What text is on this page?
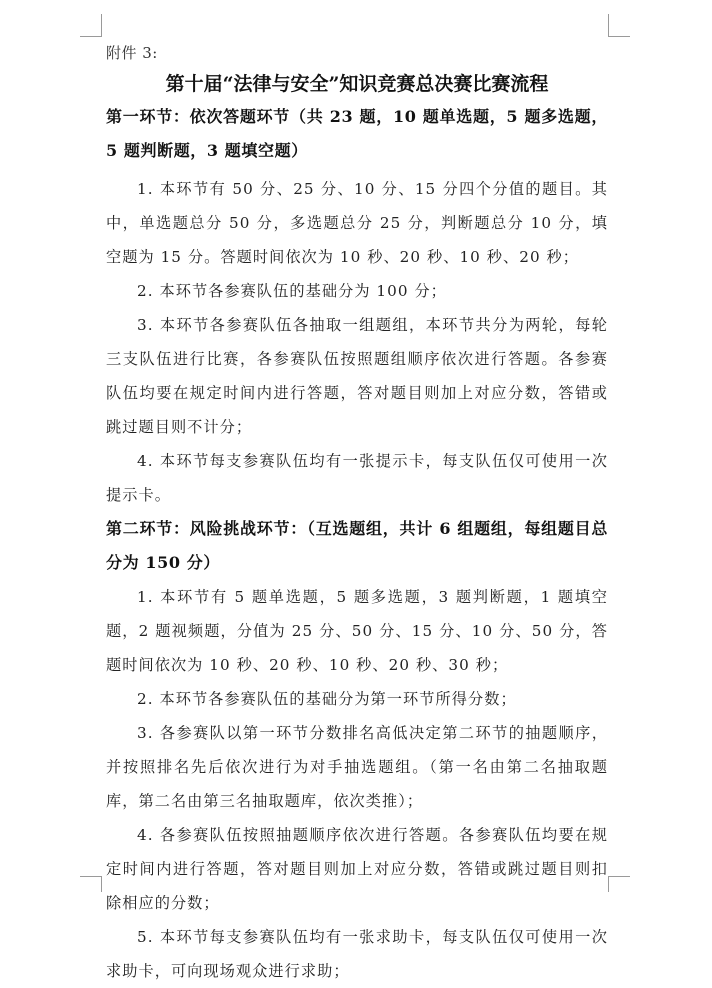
附件 3:
第十届“法律与安全”知识竞赛总决赛比赛流程
第一环节：依次答题环节（共 23 题，10 题单选题，5 题多选题，5 题判断题，3 题填空题）

1. 本环节有 50 分、25 分、10 分、15 分四个分值的题目。其中，单选题总分 50 分，多选题总分 25 分，判断题总分 10 分，填空题为 15 分。答题时间依次为 10 秒、20 秒、10 秒、20 秒；

2. 本环节各参赛队伍的基础分为 100 分；

3. 本环节各参赛队伍各抽取一组题组，本环节共分为两轮，每轮三支队伍进行比赛，各参赛队伍按照题组顺序依次进行答题。各参赛队伍均要在规定时间内进行答题，答对题目则加上对应分数，答错或跳过题目则不计分；

4. 本环节每支参赛队伍均有一张提示卡，每支队伍仅可使用一次提示卡。

第二环节：风险挑战环节：（互选题组，共计 6 组题组，每组题目总分为 150 分）

1. 本环节有 5 题单选题，5 题多选题，3 题判断题，1 题填空题，2 题视频题，分值为 25 分、50 分、15 分、10 分、50 分，答题时间依次为 10 秒、20 秒、10 秒、20 秒、30 秒；

2. 本环节各参赛队伍的基础分为第一环节所得分数；

3. 各参赛队以第一环节分数排名高低决定第二环节的抽题顺序，并按照排名先后依次进行为对手抽选题组。（第一名由第二名抽取题库，第二名由第三名抽取题库，依次类推）；

4. 各参赛队伍按照抽题顺序依次进行答题。各参赛队伍均要在规定时间内进行答题，答对题目则加上对应分数，答错或跳过题目则扣除相应的分数；

5. 本环节每支参赛队伍均有一张求助卡，每支队伍仅可使用一次求助卡，可向现场观众进行求助；
